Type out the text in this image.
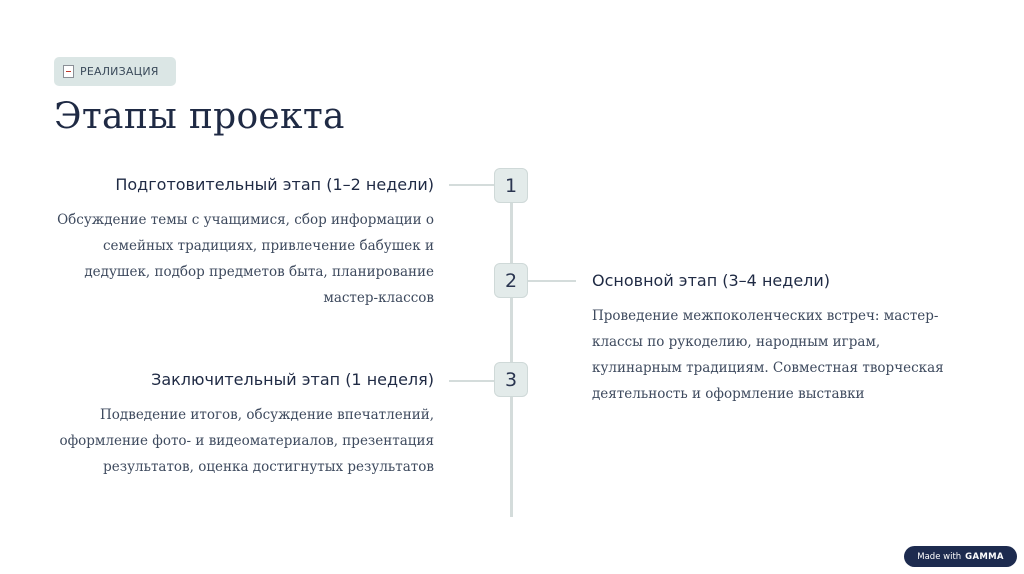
РЕАЛИЗАЦИЯ
Этапы проекта
1
Подготовительный этап (1–2 недели)

Обсуждение темы с учащимися, сбор информации о семейных традициях, привлечение бабушек и дедушек, подбор предметов быта, планирование мастер-классов

2	Основной этап (3–4 недели)

Проведение межпоколенческих встреч: мастер-классы по рукоделию, народным играм, кулинарным традициям. Совместная творческая деятельность и оформление выставки

3
Заключительный этап (1 неделя)

Подведение итогов, обсуждение впечатлений, оформление фото- и видеоматериалов, презентация результатов, оценка достигнутых результатов

Made with GAMMA
